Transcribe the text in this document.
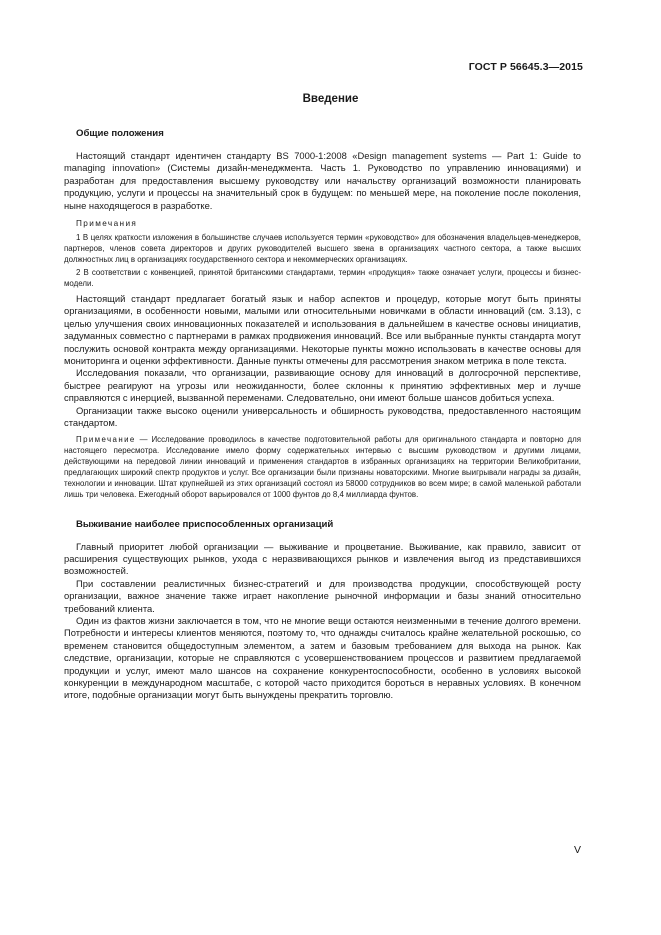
ГОСТ Р 56645.3—2015
Введение
Общие положения

Настоящий стандарт идентичен стандарту BS 7000-1:2008 «Design management systems — Part 1: Guide to managing innovation» (Системы дизайн-менеджмента. Часть 1. Руководство по управлению инновациями) и разработан для предоставления высшему руководству или начальству организаций возможности планировать продукцию, услуги и процессы на значительный срок в будущем: по меньшей мере, на поколение после поколения, ныне находящегося в разработке.

Примечания

1 В целях краткости изложения в большинстве случаев используется термин «руководство» для обозначения владельцев-менеджеров, партнеров, членов совета директоров и других руководителей высшего звена в организациях частного сектора, а также высших должностных лиц в организациях государственного сектора и некоммерческих организациях.

2 В соответствии с конвенцией, принятой британскими стандартами, термин «продукция» также означает услуги, процессы и бизнес-модели.

Настоящий стандарт предлагает богатый язык и набор аспектов и процедур, которые могут быть приняты организациями, в особенности новыми, малыми или относительными новичками в области инноваций (см. 3.13), с целью улучшения своих инновационных показателей и использования в дальнейшем в качестве основы инициатив, задуманных совместно с партнерами в рамках продвижения инноваций. Все или выбранные пункты стандарта могут послужить основой контракта между организациями. Некоторые пункты можно использовать в качестве основы для мониторинга и оценки эффективности. Данные пункты отмечены для рассмотрения знаком метрика в поле текста.

Исследования показали, что организации, развивающие основу для инноваций в долгосрочной перспективе, быстрее реагируют на угрозы или неожиданности, более склонны к принятию эффективных мер и лучше справляются с инерцией, вызванной переменами. Следовательно, они имеют больше шансов добиться успеха.

Организации также высоко оценили универсальность и обширность руководства, предоставленного настоящим стандартом.

Примечание — Исследование проводилось в качестве подготовительной работы для оригинального стандарта и повторно для настоящего пересмотра. Исследование имело форму содержательных интервью с высшим руководством и другими лицами, действующими на передовой линии инноваций и применения стандартов в избранных организациях на территории Великобритании, предлагающих широкий спектр продуктов и услуг. Все организации были признаны новаторскими. Многие выигрывали награды за дизайн, технологии и инновации. Штат крупнейшей из этих организаций состоял из 58000 сотрудников во всем мире; в самой маленькой работали лишь три человека. Ежегодный оборот варьировался от 1000 фунтов до 8,4 миллиарда фунтов.

Выживание наиболее приспособленных организаций

Главный приоритет любой организации — выживание и процветание. Выживание, как правило, зависит от расширения существующих рынков, ухода с неразвивающихся рынков и извлечения выгод из представившихся возможностей.

При составлении реалистичных бизнес-стратегий и для производства продукции, способствующей росту организации, важное значение также играет накопление рыночной информации и базы знаний относительно требований клиента.

Один из фактов жизни заключается в том, что не многие вещи остаются неизменными в течение долгого времени. Потребности и интересы клиентов меняются, поэтому то, что однажды считалось крайне желательной роскошью, со временем становится общедоступным элементом, а затем и базовым требованием для выхода на рынок. Как следствие, организации, которые не справляются с усовершенствованием процессов и развитием предлагаемой продукции и услуг, имеют мало шансов на сохранение конкурентоспособности, особенно в условиях высокой конкуренции в международном масштабе, с которой часто приходится бороться в неравных условиях. В конечном итоге, подобные организации могут быть вынуждены прекратить торговлю.

V
